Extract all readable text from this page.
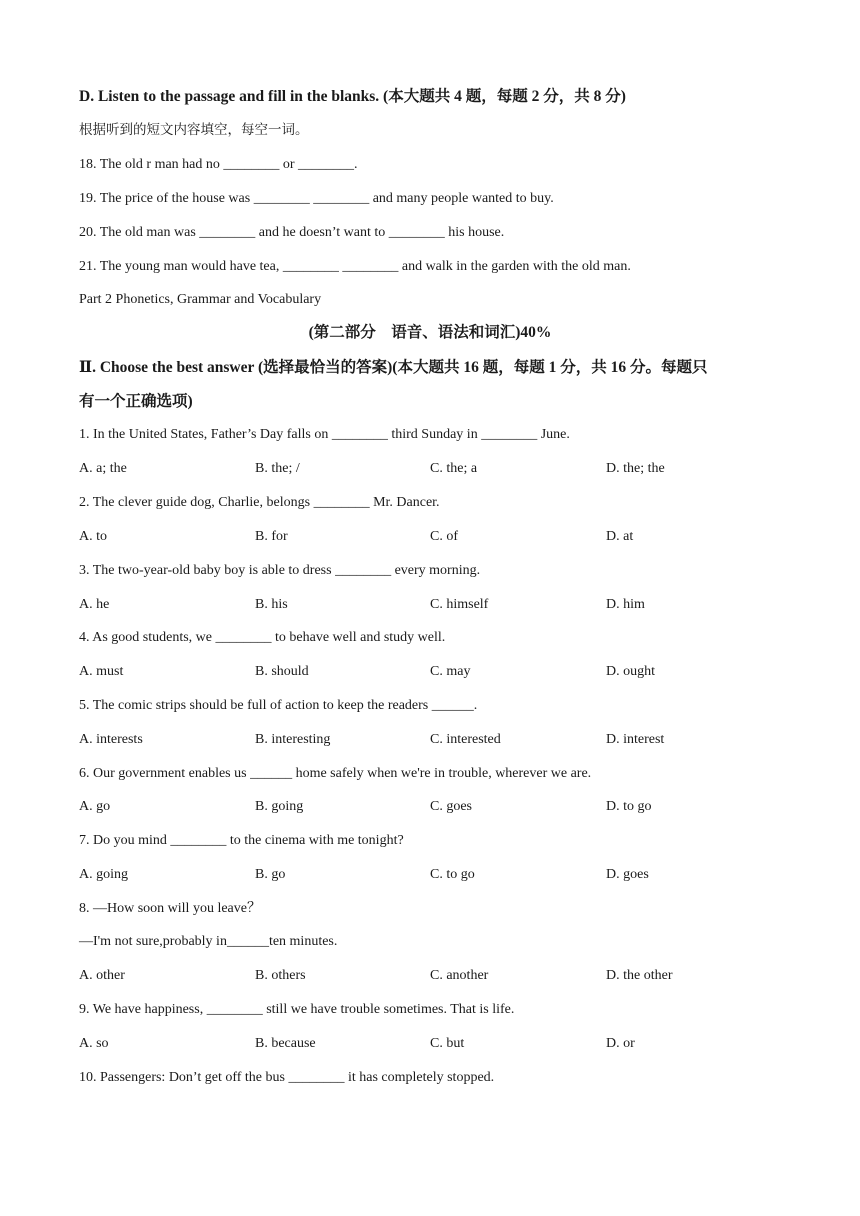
D. Listen to the passage and fill in the blanks. (本大题共 4 题，每题 2 分，共 8 分)
根据听到的短文内容填空，每空一词。
18. The old r man had no ________ or ________.
19. The price of the house was ________ ________ and many people wanted to buy.
20. The old man was ________ and he doesn’t want to ________ his house.
21. The young man would have tea, ________ ________ and walk in the garden with the old man.
Part 2 Phonetics, Grammar and Vocabulary
(第二部分　语音、语法和词汇)40%
Ⅱ. Choose the best answer (选择最恰当的答案)(本大题共 16 题，每题 1 分，共 16 分。每题只
有一个正确选项)
1. In the United States, Father’s Day falls on ________ third Sunday in ________ June.
A. a; the	B. the; /	C. the; a	D. the; the
2. The clever guide dog, Charlie, belongs ________ Mr. Dancer.
A. to	B. for	C. of	D. at
3. The two-year-old baby boy is able to dress ________ every morning.
A. he	B. his	C. himself	D. him
4. As good students, we ________ to behave well and study well.
A. must	B. should	C. may	D. ought
5. The comic strips should be full of action to keep the readers ______.
A. interests	B. interesting	C. interested	D. interest
6. Our government enables us ______ home safely when we're in trouble, wherever we are.
A. go	B. going	C. goes	D. to go
7. Do you mind ________ to the cinema with me tonight?
A. going	B. go	C. to go	D. goes
8. —How soon will you leave？
—I'm not sure,probably in______ten minutes.
A. other	B. others	C. another	D. the other
9. We have happiness, ________ still we have trouble sometimes. That is life.
A. so	B. because	C. but	D. or
10. Passengers: Don’t get off the bus ________ it has completely stopped.
